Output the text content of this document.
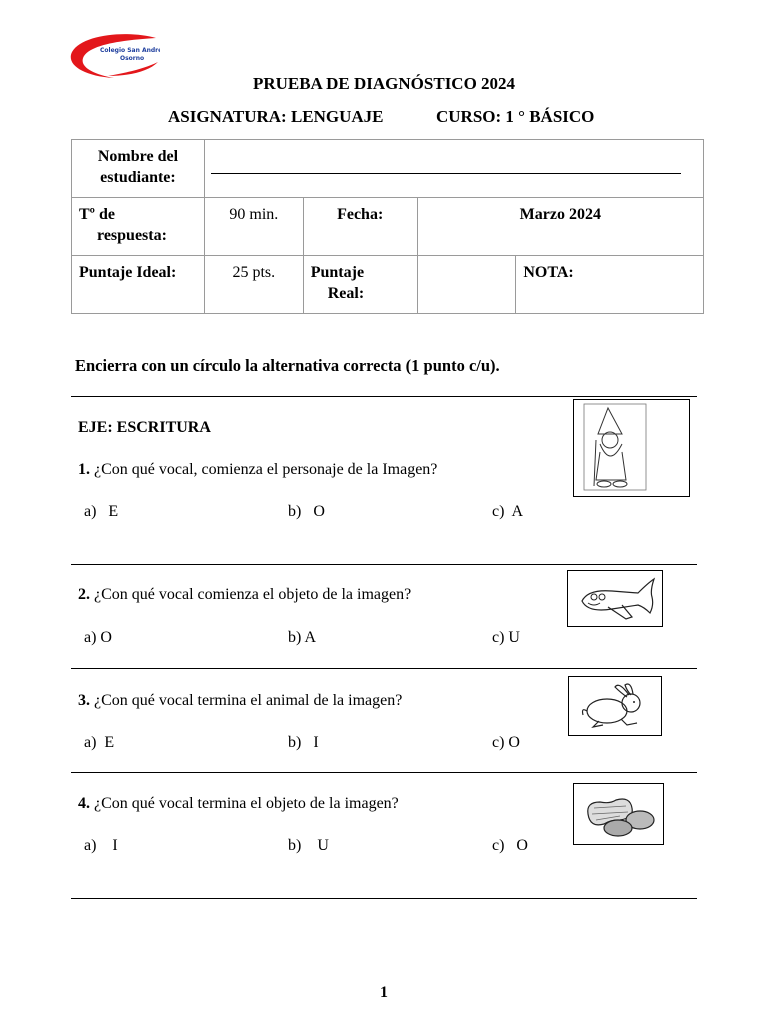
Colegio San Andrés
Osorno
PRUEBA DE DIAGNÓSTICO 2024
ASIGNATURA: LENGUAJE	CURSO: 1 ° BÁSICO
Nombre del
estudiante:				

Tº de
respuesta:	90 min.	Fecha:	Marzo 2024	
Puntaje Ideal:	25 pts.	Puntaje
Real:		NOTA:
Encierra con un círculo la alternativa correcta (1 punto c/u).
EJE: ESCRITURA
1. ¿Con qué vocal, comienza el personaje de la Imagen?
a)   E	b)   O	c)  A
2. ¿Con qué vocal comienza el objeto de la imagen?
a) O	b) A	c) U
3. ¿Con qué vocal termina el animal de la imagen?
a)  E	b)   I	c) O
4. ¿Con qué vocal termina el objeto de la imagen?
a)    I	b)    U	c)   O
1
